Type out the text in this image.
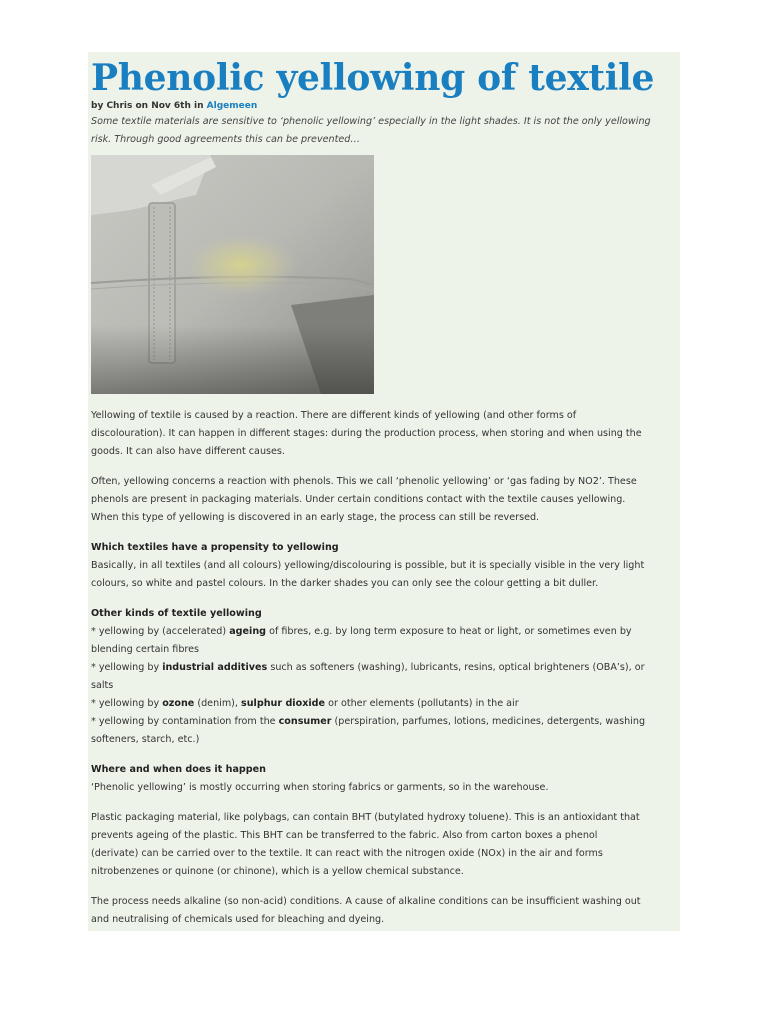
Phenolic yellowing of textile
by Chris on Nov 6th in Algemeen
Some textile materials are sensitive to ‘phenolic yellowing’ especially in the light shades. It is not the only yellowing
risk. Through good agreements this can be prevented…

Yellowing of textile is caused by a reaction. There are different kinds of yellowing (and other forms of
discolouration). It can happen in different stages: during the production process, when storing and when using the
goods. It can also have different causes.

Often, yellowing concerns a reaction with phenols. This we call ‘phenolic yellowing’ or ‘gas fading by NO2’. These
phenols are present in packaging materials. Under certain conditions contact with the textile causes yellowing.
When this type of yellowing is discovered in an early stage, the process can still be reversed.

Which textiles have a propensity to yellowing
Basically, in all textiles (and all colours) yellowing/discolouring is possible, but it is specially visible in the very light
colours, so white and pastel colours. In the darker shades you can only see the colour getting a bit duller.

Other kinds of textile yellowing
* yellowing by (accelerated) ageing of fibres, e.g. by long term exposure to heat or light, or sometimes even by
blending certain fibres
* yellowing by industrial additives such as softeners (washing), lubricants, resins, optical brighteners (OBA’s), or
salts
* yellowing by ozone (denim), sulphur dioxide or other elements (pollutants) in the air
* yellowing by contamination from the consumer (perspiration, parfumes, lotions, medicines, detergents, washing
softeners, starch, etc.)

Where and when does it happen
‘Phenolic yellowing’ is mostly occurring when storing fabrics or garments, so in the warehouse.

Plastic packaging material, like polybags, can contain BHT (butylated hydroxy toluene). This is an antioxidant that
prevents ageing of the plastic. This BHT can be transferred to the fabric. Also from carton boxes a phenol
(derivate) can be carried over to the textile. It can react with the nitrogen oxide (NOx) in the air and forms
nitrobenzenes or quinone (or chinone), which is a yellow chemical substance.

The process needs alkaline (so non-acid) conditions. A cause of alkaline conditions can be insufficient washing out
and neutralising of chemicals used for bleaching and dyeing.
